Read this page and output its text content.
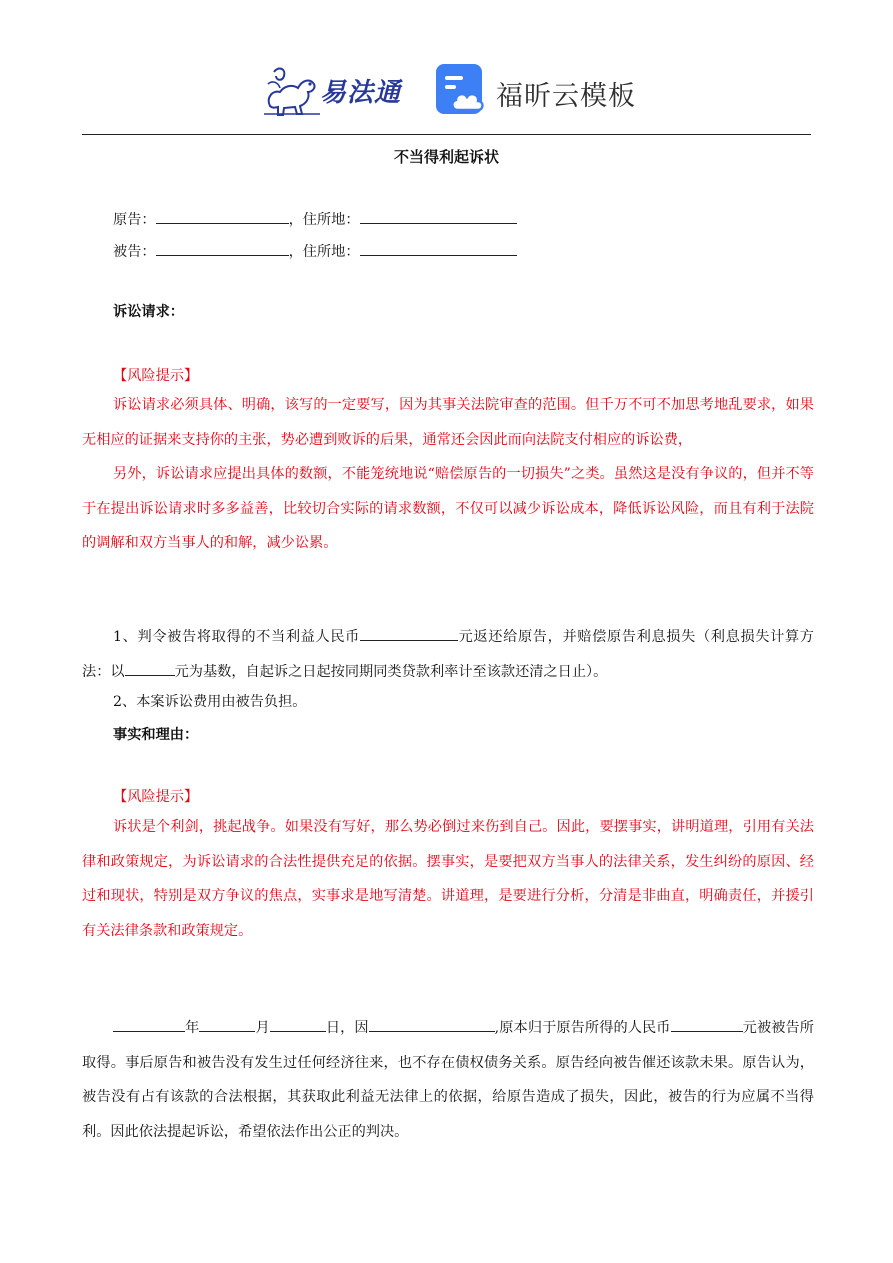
易法通	福昕云模板
不当得利起诉状
原告：	，住所地：
被告：	，住所地：
诉讼请求：
【风险提示】
诉讼请求必须具体、明确，该写的一定要写，因为其事关法院审查的范围。但千万不可不加思考地乱要求，如果无相应的证据来支持你的主张，势必遭到败诉的后果，通常还会因此而向法院支付相应的诉讼费，
另外，诉讼请求应提出具体的数额，不能笼统地说“赔偿原告的一切损失”之类。虽然这是没有争议的，但并不等于在提出诉讼请求时多多益善，比较切合实际的请求数额，不仅可以减少诉讼成本，降低诉讼风险，而且有利于法院的调解和双方当事人的和解，减少讼累。
1、判令被告将取得的不当利益人民币	元返还给原告，并赔偿原告利息损失（利息损失计算方法：以	元为基数，自起诉之日起按同期同类贷款利率计至该款还清之日止）。
2、本案诉讼费用由被告负担。
事实和理由：
【风险提示】
诉状是个利剑，挑起战争。如果没有写好，那么势必倒过来伤到自己。因此，要摆事实，讲明道理，引用有关法律和政策规定，为诉讼请求的合法性提供充足的依据。摆事实，是要把双方当事人的法律关系，发生纠纷的原因、经过和现状，特别是双方争议的焦点，实事求是地写清楚。讲道理，是要进行分析，分清是非曲直，明确责任，并援引有关法律条款和政策规定。
年	月	日，因	,原本归于原告所得的人民币	元被被告所取得。事后原告和被告没有发生过任何经济往来，也不存在债权债务关系。原告经向被告催还该款未果。原告认为，被告没有占有该款的合法根据，其获取此利益无法律上的依据，给原告造成了损失，因此，被告的行为应属不当得利。因此依法提起诉讼，希望依法作出公正的判决。
